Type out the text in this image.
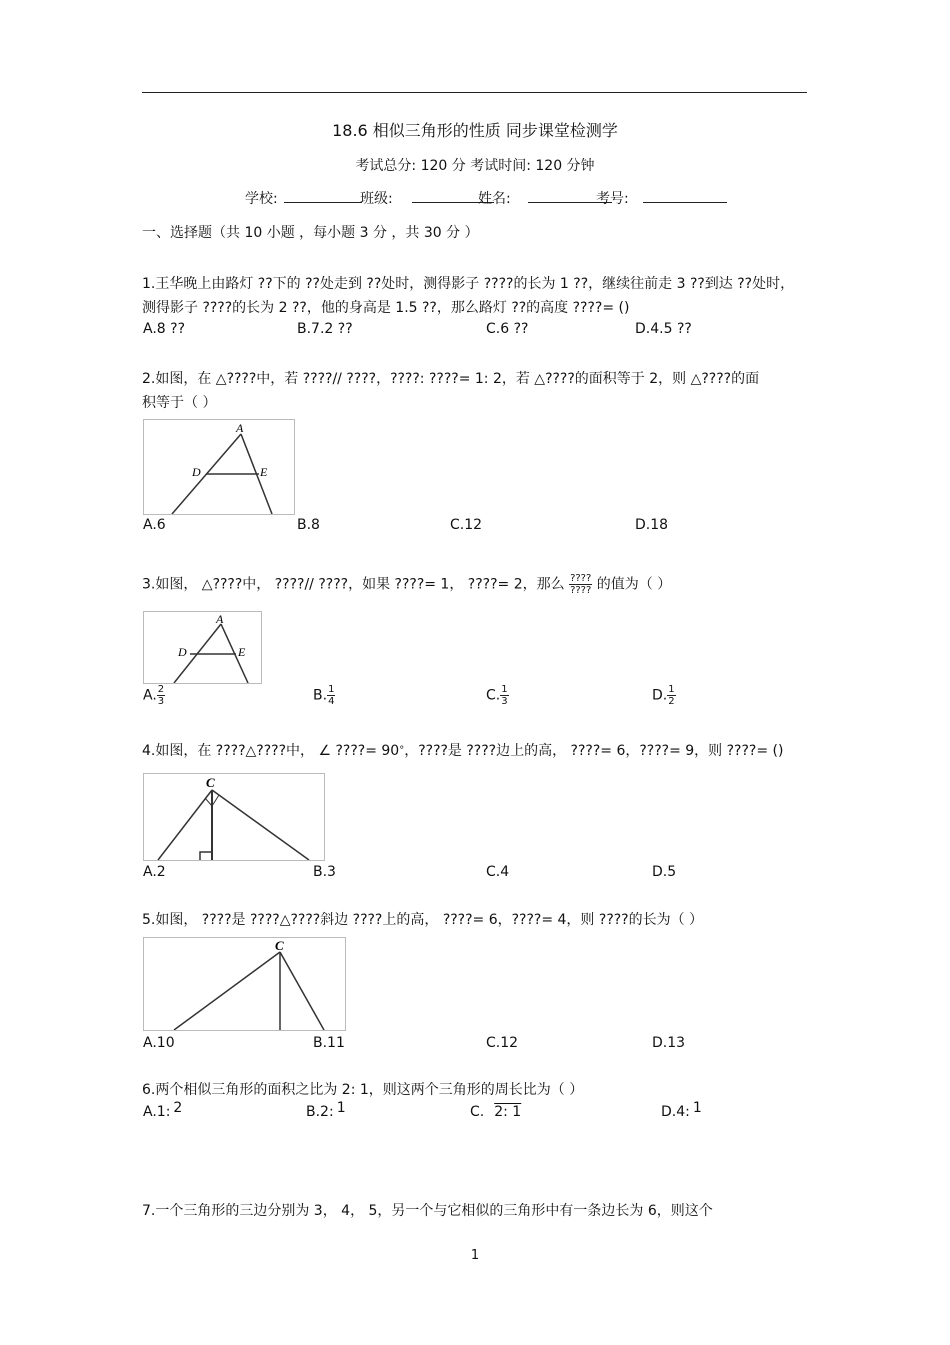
18.6 相似三角形的性质 同步课堂检测学
考试总分: 120 分 考试时间: 120 分钟
学校:	班级:	姓名:	考号:
一、选择题（共 10 小题 ，每小题 3 分 ，共 30 分 ）
1.王华晚上由路灯 ??下的 ??处走到 ??处时，测得影子 ????的长为 1 ??，继续往前走 3 ??到达 ??处时，
测得影子 ????的长为 2 ??，他的身高是 1.5 ??，那么路灯 ??的高度 ????= ()
A.8 ??	B.7.2 ??	C.6 ??	D.4.5 ??
2.如图，在 △????中，若 ????// ????，????: ????= 1: 2，若 △????的面积等于 2，则 △????的面
积等于（ ）
A
D	E
A.6	B.8	C.12	D.18
3.如图， △????中， ????// ????，如果 ????= 1， ????= 2，那么 $\frac{????}{????}$ 的值为（ ）
A
D	E
A. $\frac{2}{3}$	B. $\frac{1}{4}$	C. $\frac{1}{3}$	D. $\frac{1}{2}$
4.如图，在 ????△????中， ∠ ????= 90°，????是 ????边上的高， ????= 6，????= 9，则 ????= ()
C
A.2	B.3	C.4	D.5
5.如图， ????是 ????△????斜边 ????上的高， ????= 6，????= 4，则 ????的长为（ ）
C
A.10	B.11	C.12	D.13
6.两个相似三角形的面积之比为 2: 1，则这两个三角形的周长比为（ ）
A.1: 2	B.2: 1	C. 2: 1	D.4: 1
7.一个三角形的三边分别为 3， 4， 5，另一个与它相似的三角形中有一条边长为 6，则这个
1
